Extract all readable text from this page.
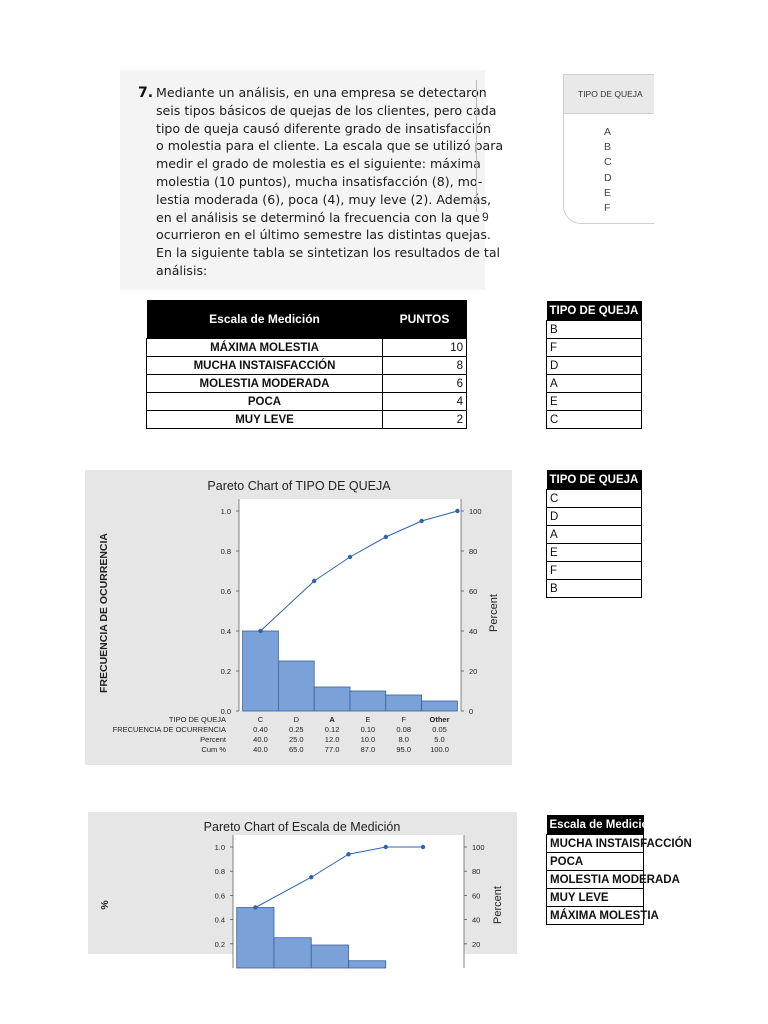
7. Mediante un análisis, en una empresa se detectaron
seis tipos básicos de quejas de los clientes, pero cada
tipo de queja causó diferente grado de insatisfacción
o molestia para el cliente. La escala que se utilizó para
medir el grado de molestia es el siguiente: máxima
molestia (10 puntos), mucha insatisfacción (8), mo-
lestia moderada (6), poca (4), muy leve (2). Además,
en el análisis se determinó la frecuencia con la que
ocurrieron en el último semestre las distintas quejas.
En la siguiente tabla se sintetizan los resultados de tal
análisis:
9
TIPO DE QUEJA
A
B
C
D
E
F
Escala de Medición	PUNTOS
MÁXIMA MOLESTIA	10
MUCHA INSTAISFACCIÓN	8
MOLESTIA MODERADA	6
POCA	4
MUY LEVE	2
TIPO DE QUEJA
B
F
D
A
E
C
TIPO DE QUEJA
C
D
A
E
F
B
Escala de Medición
MUCHA INSTAISFACCIÓN
POCA
MOLESTIA MODERADA
MUY LEVE
MÁXIMA MOLESTIA
Pareto Chart of TIPO DE QUEJA
0.0	0
0.2	20
0.4	40
0.6	60
0.8	80
1.0	100
FRECUENCIA DE OCURRENCIA	Percent
TIPO DE QUEJA	C	D	A	E	F	Other
FRECUENCIA DE OCURRENCIA	0.40	0.25	0.12	0.10	0.08	0.05
Percent	40.0	25.0	12.0	10.0	8.0	5.0
Cum %	40.0	65.0	77.0	87.0	95.0	100.0
Pareto Chart of Escala de Medición
0.2	20
0.4	40
0.6	60
0.8	80
1.0	100
%	Percent
